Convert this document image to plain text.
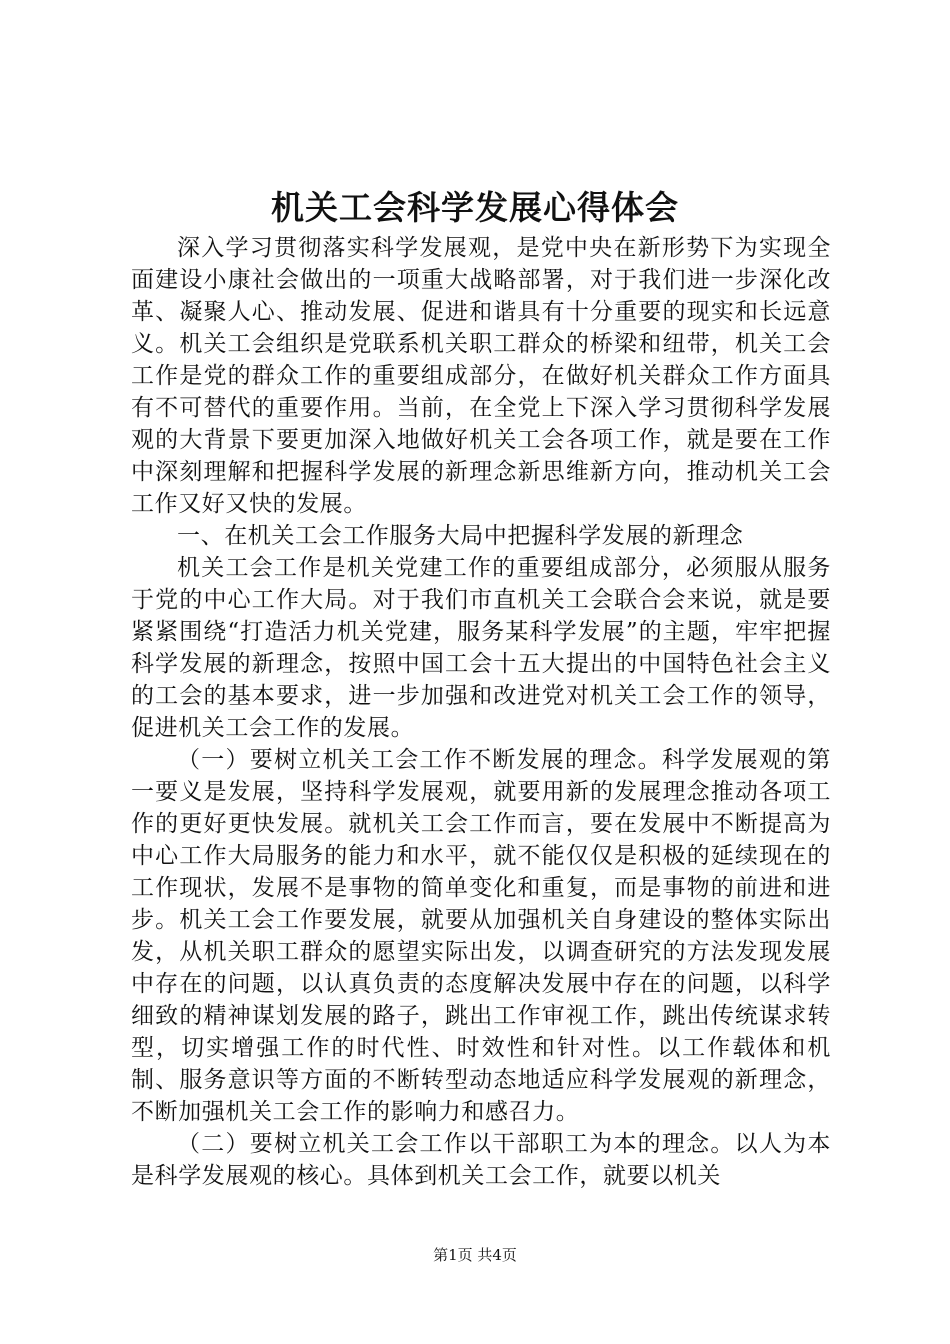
机关工会科学发展心得体会

深入学习贯彻落实科学发展观，是党中央在新形势下为实现全面建设小康社会做出的一项重大战略部署，对于我们进一步深化改革、凝聚人心、推动发展、促进和谐具有十分重要的现实和长远意义。机关工会组织是党联系机关职工群众的桥梁和纽带，机关工会工作是党的群众工作的重要组成部分，在做好机关群众工作方面具有不可替代的重要作用。当前，在全党上下深入学习贯彻科学发展观的大背景下要更加深入地做好机关工会各项工作，就是要在工作中深刻理解和把握科学发展的新理念新思维新方向，推动机关工会工作又好又快的发展。

一、在机关工会工作服务大局中把握科学发展的新理念

机关工会工作是机关党建工作的重要组成部分，必须服从服务于党的中心工作大局。对于我们市直机关工会联合会来说，就是要紧紧围绕“打造活力机关党建，服务某科学发展”的主题，牢牢把握科学发展的新理念，按照中国工会十五大提出的中国特色社会主义的工会的基本要求，进一步加强和改进党对机关工会工作的领导，促进机关工会工作的发展。

（一）要树立机关工会工作不断发展的理念。科学发展观的第一要义是发展，坚持科学发展观，就要用新的发展理念推动各项工作的更好更快发展。就机关工会工作而言，要在发展中不断提高为中心工作大局服务的能力和水平，就不能仅仅是积极的延续现在的工作现状，发展不是事物的简单变化和重复，而是事物的前进和进步。机关工会工作要发展，就要从加强机关自身建设的整体实际出发，从机关职工群众的愿望实际出发，以调查研究的方法发现发展中存在的问题，以认真负责的态度解决发展中存在的问题，以科学细致的精神谋划发展的路子，跳出工作审视工作，跳出传统谋求转型，切实增强工作的时代性、时效性和针对性。以工作载体和机制、服务意识等方面的不断转型动态地适应科学发展观的新理念，不断加强机关工会工作的影响力和感召力。

（二）要树立机关工会工作以干部职工为本的理念。以人为本是科学发展观的核心。具体到机关工会工作，就要以机关

第1页 共4页
